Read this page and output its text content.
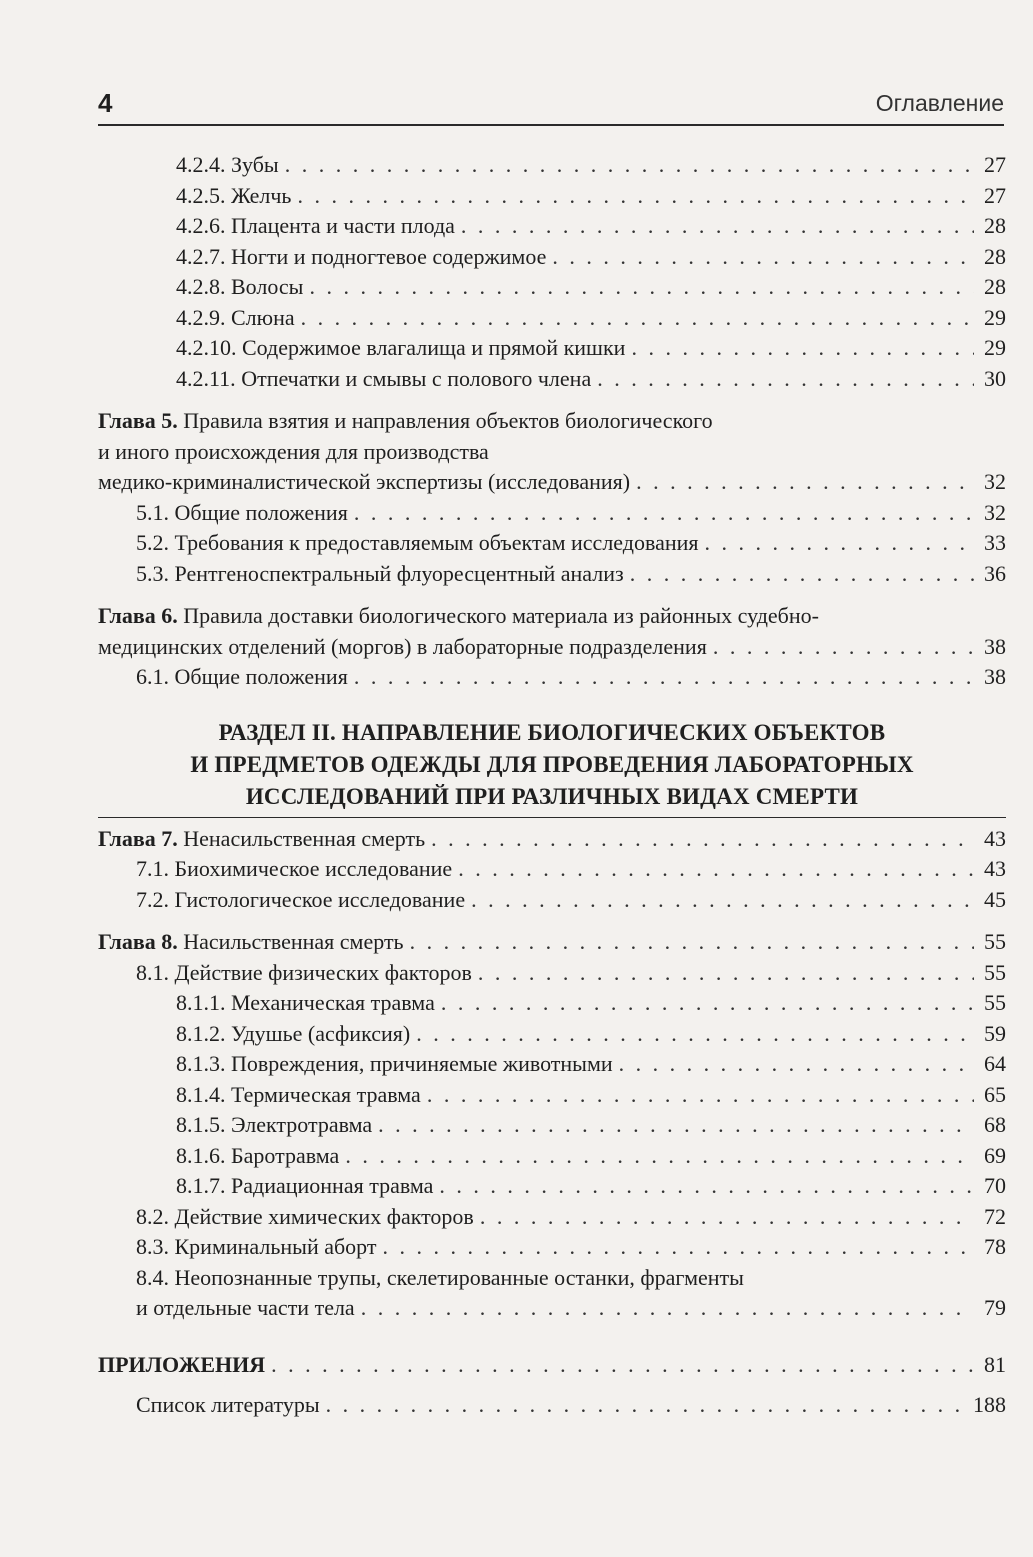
4	Оглавление
4.2.4. Зубы . . .	27
4.2.5. Желчь . . .	27
4.2.6. Плацента и части плода . . .	28
4.2.7. Ногти и подногтевое содержимое . . .	28
4.2.8. Волосы . . .	28
4.2.9. Слюна . . .	29
4.2.10. Содержимое влагалища и прямой кишки . . .	29
4.2.11. Отпечатки и смывы с полового члена . . .	30
Глава 5. Правила взятия и направления объектов биологического
и иного происхождения для производства
медико-криминалистической экспертизы (исследования) . . .	32
5.1. Общие положения . . .	32
5.2. Требования к предоставляемым объектам исследования . . .	33
5.3. Рентгеноспектральный флуоресцентный анализ . . .	36
Глава 6. Правила доставки биологического материала из районных судебно-
медицинских отделений (моргов) в лабораторные подразделения . . .	38
6.1. Общие положения . . .	38
РАЗДЕЛ II. НАПРАВЛЕНИЕ БИОЛОГИЧЕСКИХ ОБЪЕКТОВ
И ПРЕДМЕТОВ ОДЕЖДЫ ДЛЯ ПРОВЕДЕНИЯ ЛАБОРАТОРНЫХ
ИССЛЕДОВАНИЙ ПРИ РАЗЛИЧНЫХ ВИДАХ СМЕРТИ
Глава 7. Ненасильственная смерть . . .	43
7.1. Биохимическое исследование . . .	43
7.2. Гистологическое исследование . . .	45
Глава 8. Насильственная смерть . . .	55
8.1. Действие физических факторов . . .	55
8.1.1. Механическая травма . . .	55
8.1.2. Удушье (асфиксия) . . .	59
8.1.3. Повреждения, причиняемые животными . . .	64
8.1.4. Термическая травма . . .	65
8.1.5. Электротравма . . .	68
8.1.6. Баротравма . . .	69
8.1.7. Радиационная травма . . .	70
8.2. Действие химических факторов . . .	72
8.3. Криминальный аборт . . .	78
8.4. Неопознанные трупы, скелетированные останки, фрагменты
и отдельные части тела . . .	79
ПРИЛОЖЕНИЯ . . .	81
Список литературы . . .	188
